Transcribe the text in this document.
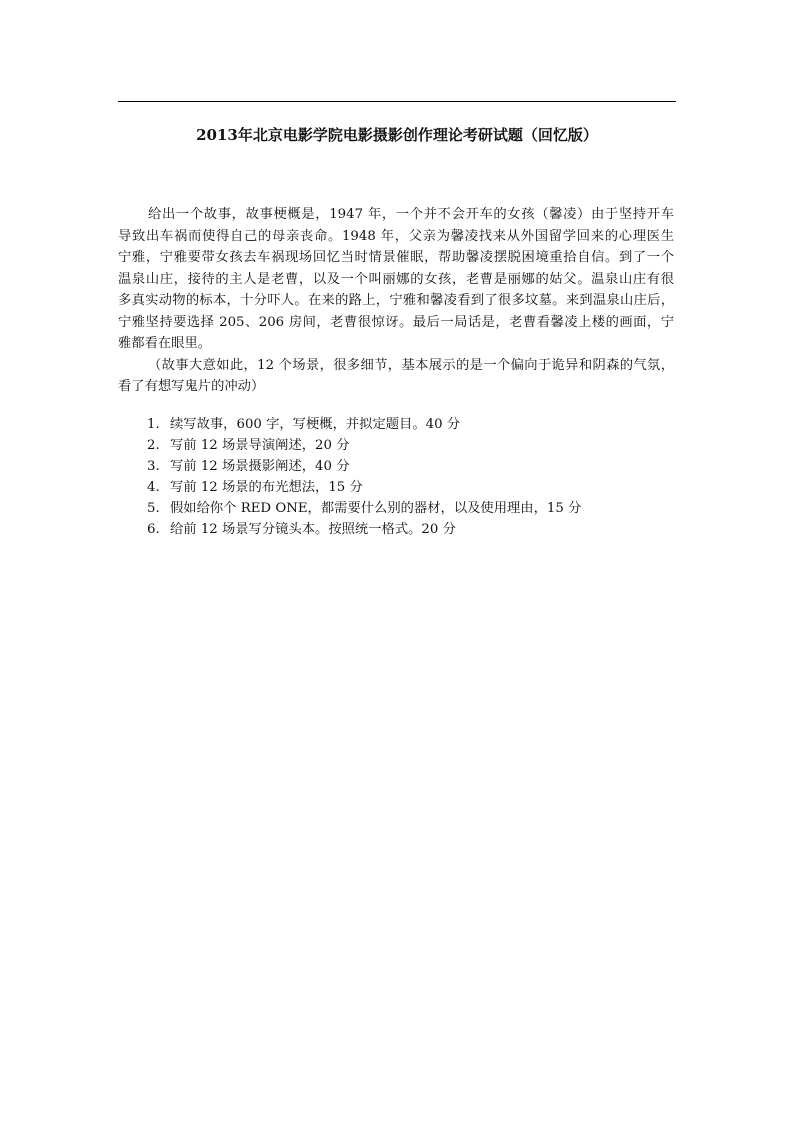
2013年北京电影学院电影摄影创作理论考研试题（回忆版）
给出一个故事，故事梗概是，1947 年，一个并不会开车的女孩（馨凌）由于坚持开车
导致出车祸而使得自己的母亲丧命。1948 年，父亲为馨凌找来从外国留学回来的心理医生
宁雅，宁雅要带女孩去车祸现场回忆当时情景催眠，帮助馨凌摆脱困境重拾自信。到了一个
温泉山庄，接待的主人是老曹，以及一个叫丽娜的女孩，老曹是丽娜的姑父。温泉山庄有很
多真实动物的标本，十分吓人。在来的路上，宁雅和馨凌看到了很多坟墓。来到温泉山庄后，
宁雅坚持要选择 205、206 房间，老曹很惊讶。最后一局话是，老曹看馨凌上楼的画面，宁
雅都看在眼里。
（故事大意如此，12 个场景，很多细节，基本展示的是一个偏向于诡异和阴森的气氛，
看了有想写鬼片的冲动）
1. 续写故事，600 字，写梗概，并拟定题目。40 分
2. 写前 12 场景导演阐述，20 分
3. 写前 12 场景摄影阐述，40 分
4. 写前 12 场景的布光想法，15 分
5. 假如给你个 RED ONE，都需要什么别的器材，以及使用理由，15 分
6. 给前 12 场景写分镜头本。按照统一格式。20 分
